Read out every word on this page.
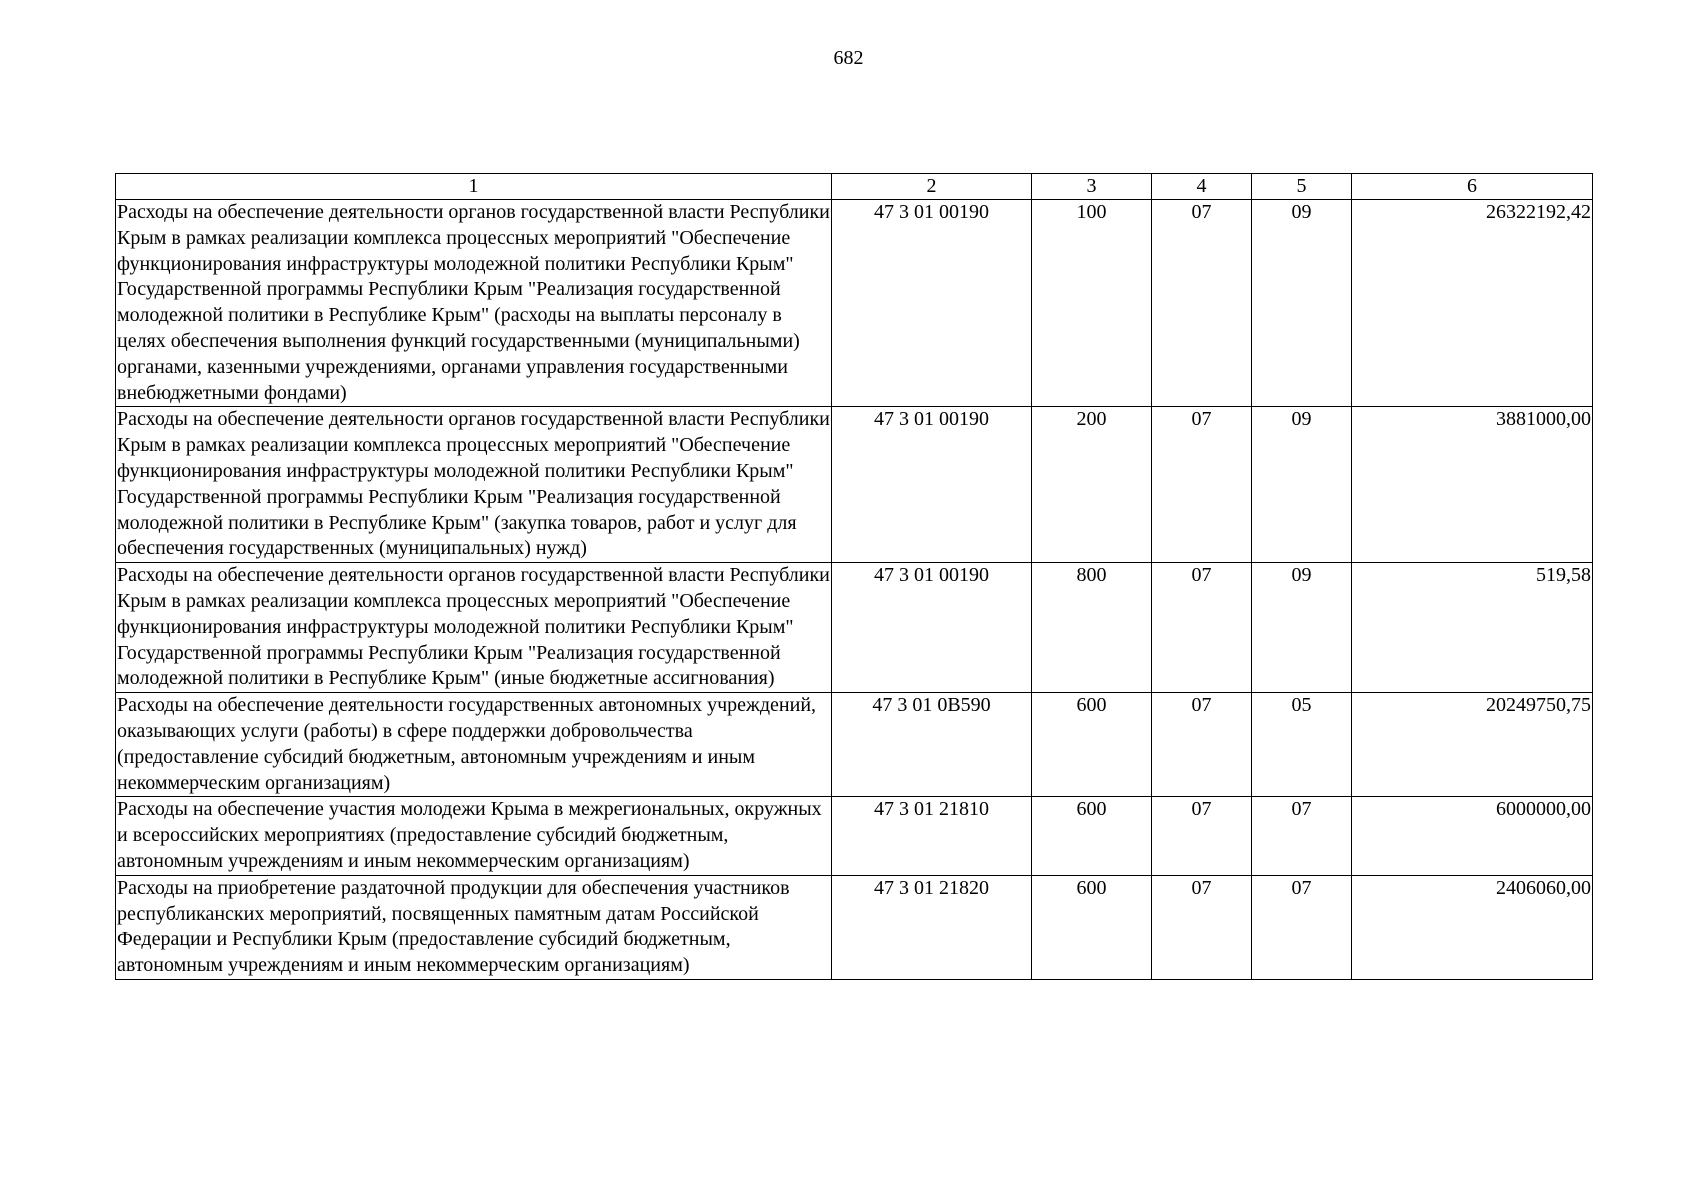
682
1	2	3	4	5	6
Расходы на обеспечение деятельности органов государственной власти Республики Крым в рамках реализации комплекса процессных мероприятий "Обеспечение функционирования инфраструктуры молодежной политики Республики Крым" Государственной программы Республики Крым "Реализация государственной молодежной политики в Республике Крым" (расходы на выплаты персоналу в целях обеспечения выполнения функций государственными (муниципальными) органами, казенными учреждениями, органами управления государственными внебюджетными фондами)	47 3 01 00190	100	07	09	26322192,42
Расходы на обеспечение деятельности органов государственной власти Республики Крым в рамках реализации комплекса процессных мероприятий "Обеспечение функционирования инфраструктуры молодежной политики Республики Крым" Государственной программы Республики Крым "Реализация государственной молодежной политики в Республике Крым" (закупка товаров, работ и услуг для обеспечения государственных (муниципальных) нужд)	47 3 01 00190	200	07	09	3881000,00
Расходы на обеспечение деятельности органов государственной власти Республики Крым в рамках реализации комплекса процессных мероприятий "Обеспечение функционирования инфраструктуры молодежной политики Республики Крым" Государственной программы Республики Крым "Реализация государственной молодежной политики в Республике Крым" (иные бюджетные ассигнования)	47 3 01 00190	800	07	09	519,58
Расходы на обеспечение деятельности государственных автономных учреждений, оказывающих услуги (работы) в сфере поддержки добровольчества (предоставление субсидий бюджетным, автономным учреждениям и иным некоммерческим организациям)	47 3 01 0В590	600	07	05	20249750,75
Расходы на обеспечение участия молодежи Крыма в межрегиональных, окружных и всероссийских мероприятиях (предоставление субсидий бюджетным, автономным учреждениям и иным некоммерческим организациям)	47 3 01 21810	600	07	07	6000000,00
Расходы на приобретение раздаточной продукции для обеспечения участников республиканских мероприятий, посвященных памятным датам Российской Федерации и Республики Крым (предоставление субсидий бюджетным, автономным учреждениям и иным некоммерческим организациям)	47 3 01 21820	600	07	07	2406060,00
